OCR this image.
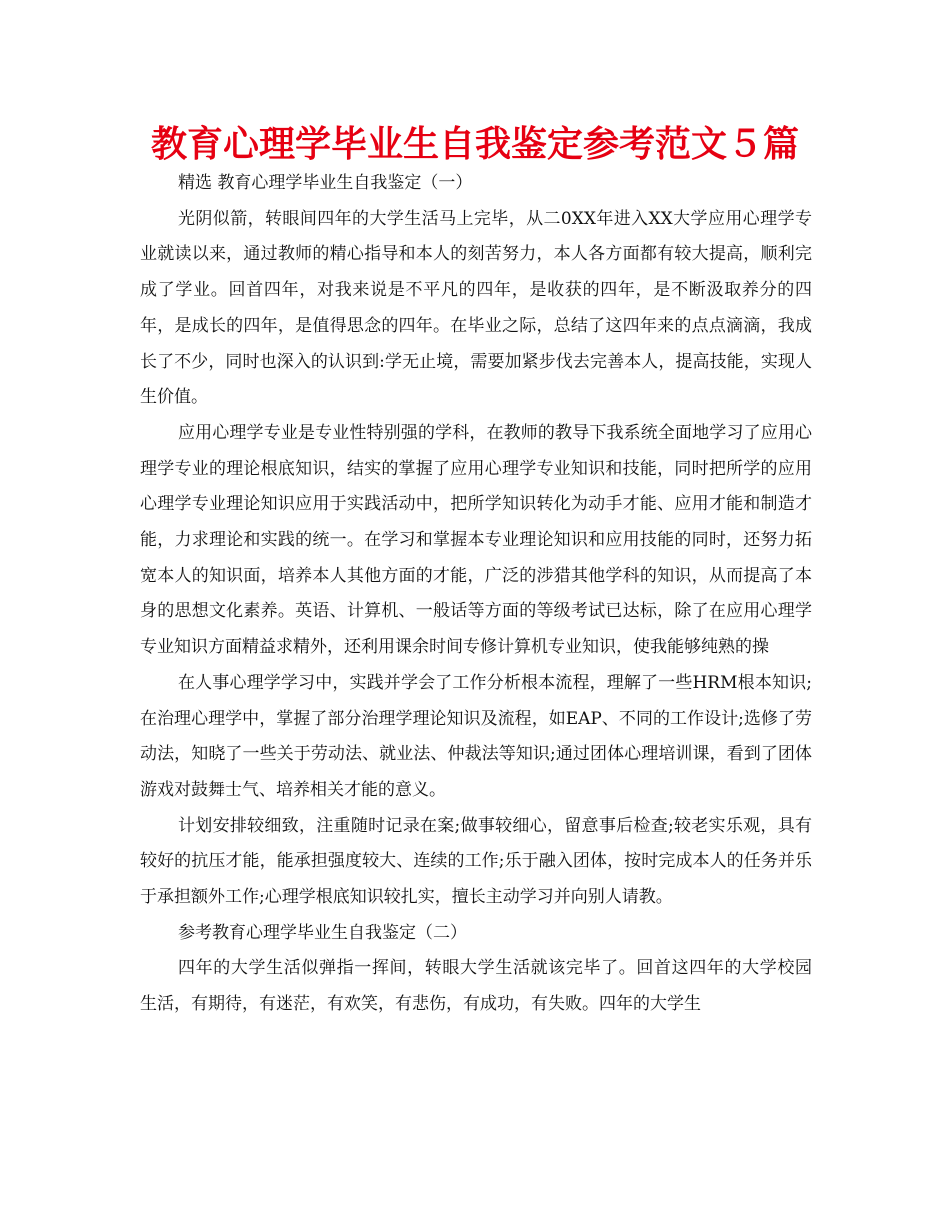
教育心理学毕业生自我鉴定参考范文５篇

精选 教育心理学毕业生自我鉴定（一）

光阴似箭，转眼间四年的大学生活马上完毕，从二0XX年进入XX大学应用心理学专业就读以来，通过教师的精心指导和本人的刻苦努力，本人各方面都有较大提高，顺利完成了学业。回首四年，对我来说是不平凡的四年，是收获的四年，是不断汲取养分的四年，是成长的四年，是值得思念的四年。在毕业之际，总结了这四年来的点点滴滴，我成长了不少，同时也深入的认识到:学无止境，需要加紧步伐去完善本人，提高技能，实现人生价值。

应用心理学专业是专业性特别强的学科，在教师的教导下我系统全面地学习了应用心理学专业的理论根底知识，结实的掌握了应用心理学专业知识和技能，同时把所学的应用心理学专业理论知识应用于实践活动中，把所学知识转化为动手才能、应用才能和制造才能，力求理论和实践的统一。在学习和掌握本专业理论知识和应用技能的同时，还努力拓宽本人的知识面，培养本人其他方面的才能，广泛的涉猎其他学科的知识，从而提高了本身的思想文化素养。英语、计算机、一般话等方面的等级考试已达标，除了在应用心理学专业知识方面精益求精外，还利用课余时间专修计算机专业知识，使我能够纯熟的操

在人事心理学学习中，实践并学会了工作分析根本流程，理解了一些HRM根本知识;在治理心理学中，掌握了部分治理学理论知识及流程，如EAP、不同的工作设计;选修了劳动法，知晓了一些关于劳动法、就业法、仲裁法等知识;通过团体心理培训课，看到了团体游戏对鼓舞士气、培养相关才能的意义。

计划安排较细致，注重随时记录在案;做事较细心，留意事后检查;较老实乐观，具有较好的抗压才能，能承担强度较大、连续的工作;乐于融入团体，按时完成本人的任务并乐于承担额外工作;心理学根底知识较扎实，擅长主动学习并向别人请教。

参考教育心理学毕业生自我鉴定（二）

四年的大学生活似弹指一挥间，转眼大学生活就该完毕了。回首这四年的大学校园 生活，有期待，有迷茫，有欢笑，有悲伤，有成功，有失败。四年的大学生
